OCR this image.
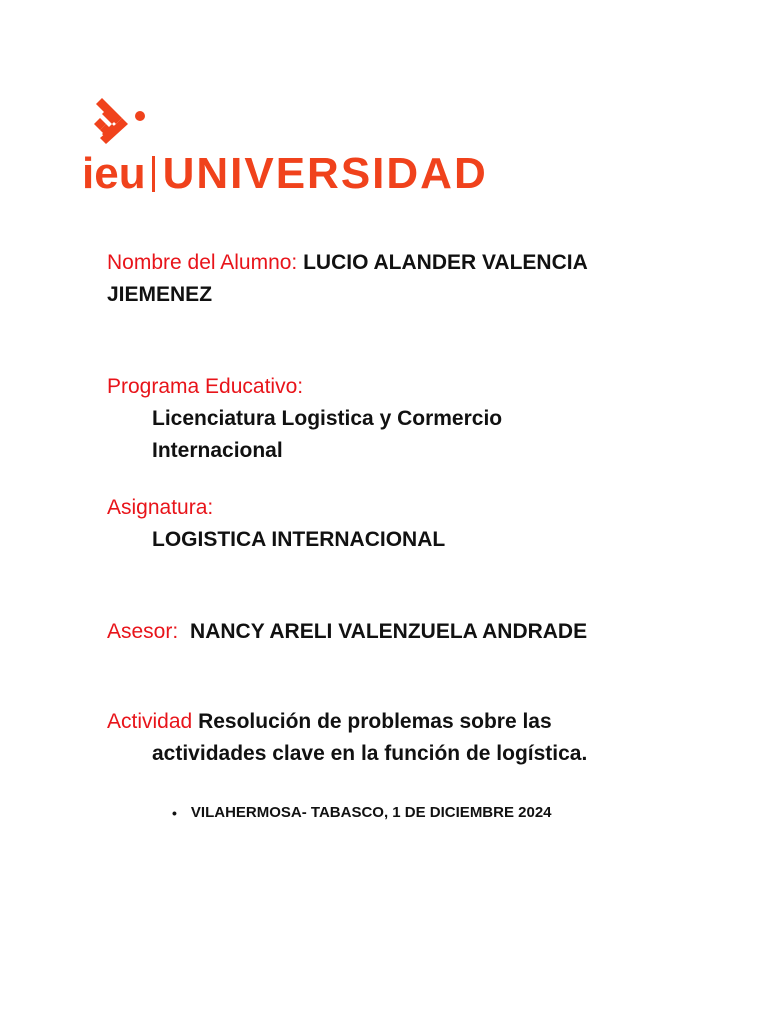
ieu UNIVERSIDAD
Nombre del Alumno: LUCIO ALANDER VALENCIA
JIEMENEZ
Programa Educativo:
Licenciatura Logistica y Cormercio
Internacional
Asignatura:
LOGISTICA INTERNACIONAL
Asesor: NANCY ARELI VALENZUELA ANDRADE
Actividad Resolución de problemas sobre las
actividades clave en la función de logística.
• VILAHERMOSA- TABASCO, 1 DE DICIEMBRE 2024
